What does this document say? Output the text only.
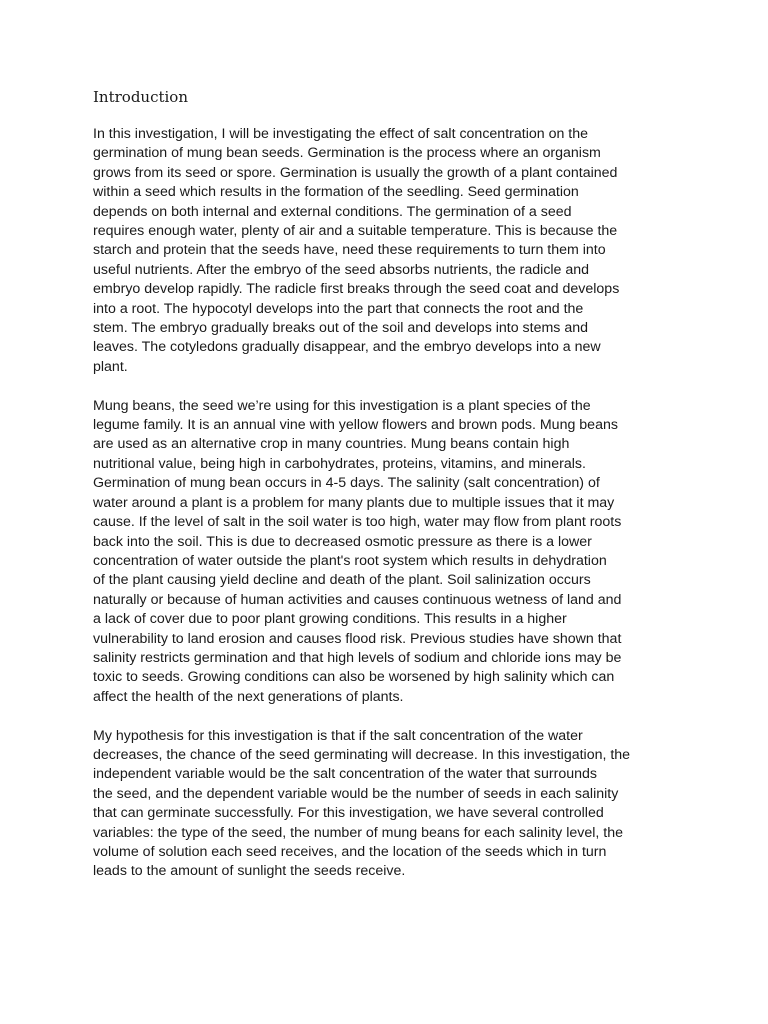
Introduction

In this investigation, I will be investigating the effect of salt concentration on the
germination of mung bean seeds. Germination is the process where an organism
grows from its seed or spore. Germination is usually the growth of a plant contained
within a seed which results in the formation of the seedling. Seed germination
depends on both internal and external conditions. The germination of a seed
requires enough water, plenty of air and a suitable temperature. This is because the
starch and protein that the seeds have, need these requirements to turn them into
useful nutrients. After the embryo of the seed absorbs nutrients, the radicle and
embryo develop rapidly. The radicle first breaks through the seed coat and develops
into a root. The hypocotyl develops into the part that connects the root and the
stem. The embryo gradually breaks out of the soil and develops into stems and
leaves. The cotyledons gradually disappear, and the embryo develops into a new
plant.

Mung beans, the seed we’re using for this investigation is a plant species of the
legume family. It is an annual vine with yellow flowers and brown pods. Mung beans
are used as an alternative crop in many countries. Mung beans contain high
nutritional value, being high in carbohydrates, proteins, vitamins, and minerals.
Germination of mung bean occurs in 4-5 days. The salinity (salt concentration) of
water around a plant is a problem for many plants due to multiple issues that it may
cause. If the level of salt in the soil water is too high, water may flow from plant roots
back into the soil. This is due to decreased osmotic pressure as there is a lower
concentration of water outside the plant's root system which results in dehydration
of the plant causing yield decline and death of the plant. Soil salinization occurs
naturally or because of human activities and causes continuous wetness of land and
a lack of cover due to poor plant growing conditions. This results in a higher
vulnerability to land erosion and causes flood risk. Previous studies have shown that
salinity restricts germination and that high levels of sodium and chloride ions may be
toxic to seeds. Growing conditions can also be worsened by high salinity which can
affect the health of the next generations of plants.

My hypothesis for this investigation is that if the salt concentration of the water
decreases, the chance of the seed germinating will decrease. In this investigation, the
independent variable would be the salt concentration of the water that surrounds
the seed, and the dependent variable would be the number of seeds in each salinity
that can germinate successfully. For this investigation, we have several controlled
variables: the type of the seed, the number of mung beans for each salinity level, the
volume of solution each seed receives, and the location of the seeds which in turn
leads to the amount of sunlight the seeds receive.
